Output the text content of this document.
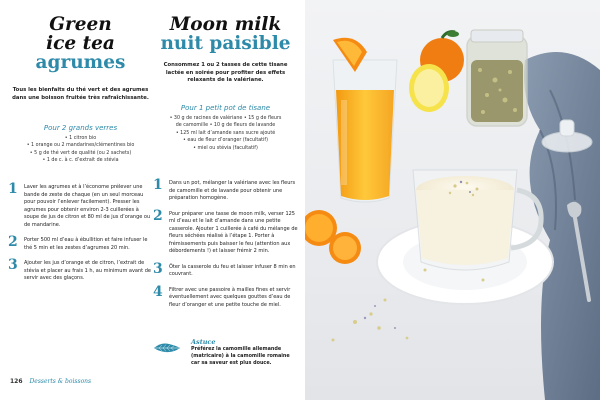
Green
ice tea
agrumes
Tous les bienfaits du thé vert et des agrumes dans une boisson fruitée très rafraîchissante.
Pour 2 grands verres
• 1 citron bio
• 1 orange ou 2 mandarines/clémentines bio
• 5 g de thé vert de qualité (ou 2 sachets)
• 1 de c. à c. d’extrait de stévia
1 Laver les agrumes et à l’économe prélever une bande de zeste de chaque (en un seul morceau pour pouvoir l’enlever facilement). Presser les agrumes pour obtenir environ 2-3 cuillerées à soupe de jus de citron et 80 ml de jus d’orange ou de mandarine.
2 Porter 500 ml d’eau à ébullition et faire infuser le thé 5 min et les zestes d’agrumes 20 min.
3 Ajouter les jus d’orange et de citron, l’extrait de stévia et placer au frais 1 h, au minimum avant de servir avec des glaçons.
Moon milk
nuit paisible
Consommez 1 ou 2 tasses de cette tisane lactée en soirée pour profiter des effets relaxants de la valériane.
Pour 1 petit pot de tisane
• 30 g de racines de valériane • 15 g de fleurs
de camomille • 10 g de fleurs de lavande
• 125 ml lait d’amande sans sucre ajouté
• eau de fleur d’oranger (facultatif)
• miel ou stévia (facultatif)
1 Dans un pot, mélanger la valériane avec les fleurs de camomille et de lavande pour obtenir une préparation homogène.
2 Pour préparer une tasse de moon milk, verser 125 ml d’eau et le lait d’amande dans une petite casserole. Ajouter 1 cuillerée à café du mélange de fleurs séchées réalisé à l’étape 1. Porter à frémissements puis baisser le feu (attention aux débordements !) et laisser frémir 2 min.
3 Ôter la casserole du feu et laisser infuser 8 min en couvrant.
4 Filtrer avec une passoire à mailles fines et servir éventuellement avec quelques gouttes d’eau de fleur d’oranger et une petite touche de miel.
Astuce
Préférez la camomille allemande (matricaire) à la camomille romaine car sa saveur est plus douce.
126 Desserts & boissons
